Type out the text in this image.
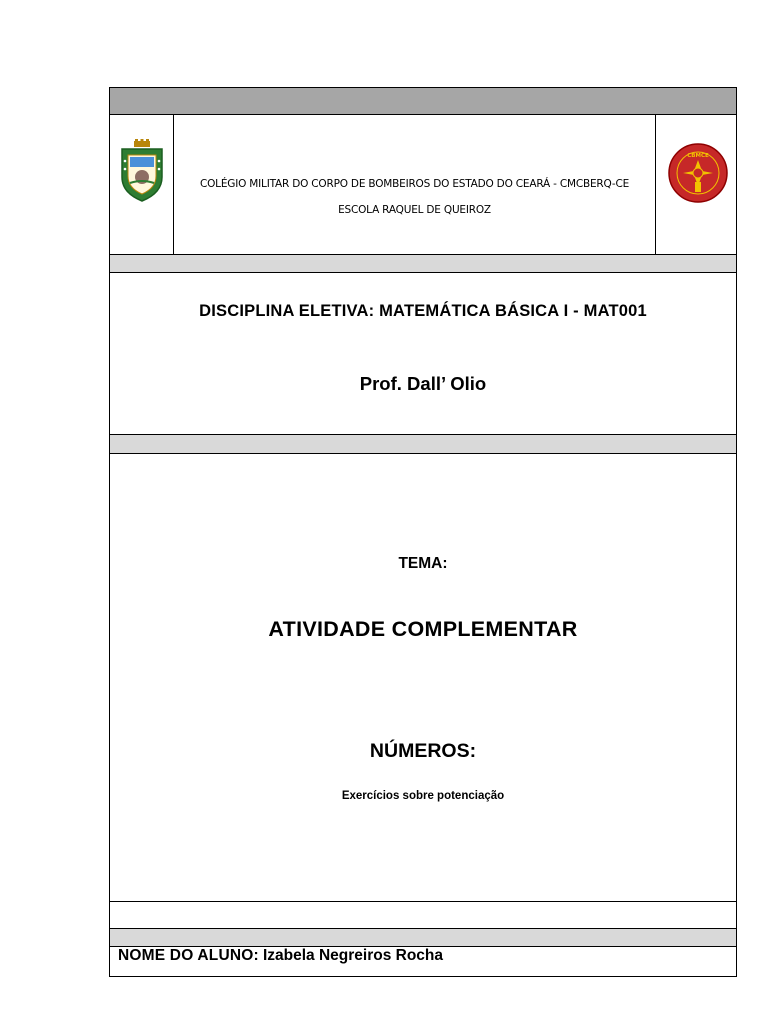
COLÉGIO MILITAR DO CORPO DE BOMBEIROS DO ESTADO DO CEARÁ - CMCBERQ-CE
ESCOLA RAQUEL DE QUEIROZ
CBMCE
DISCIPLINA ELETIVA: MATEMÁTICA BÁSICA I - MAT001
Prof. Dall’ Olio
TEMA:
ATIVIDADE COMPLEMENTAR
NÚMEROS:
Exercícios sobre potenciação
NOME DO ALUNO: Izabela Negreiros Rocha
